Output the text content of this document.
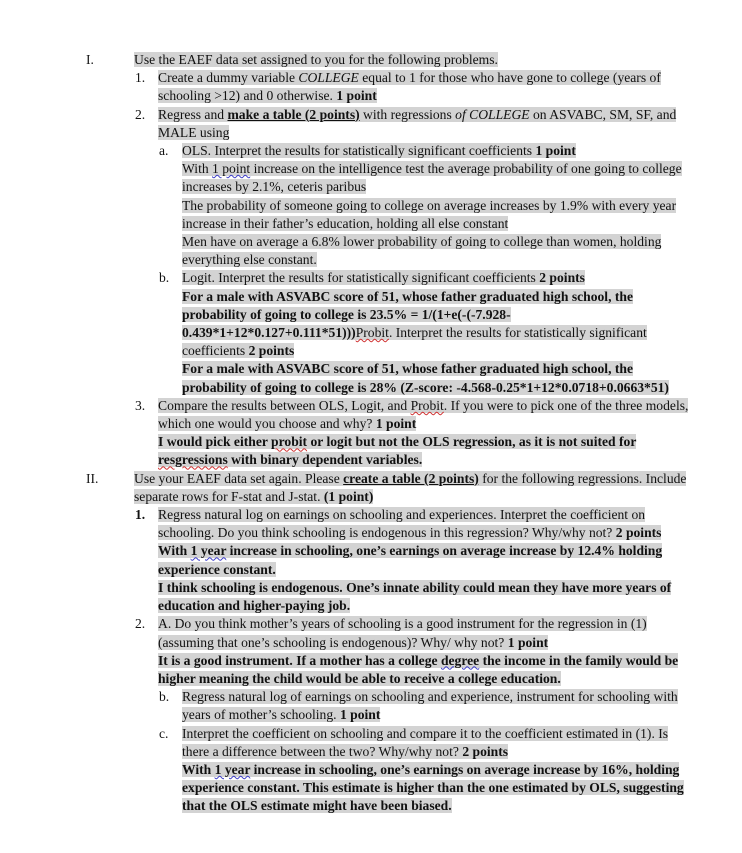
I.	Use the EAEF data set assigned to you for the following problems.

1. Create a dummy variable COLLEGE equal to 1 for those who have gone to college (years of schooling >12) and 0 otherwise. 1 point

2. Regress and make a table (2 points) with regressions of COLLEGE on ASVABC, SM, SF, and MALE using

a. OLS. Interpret the results for statistically significant coefficients 1 point

With 1 point increase on the intelligence test the average probability of one going to college increases by 2.1%, ceteris paribus

The probability of someone going to college on average increases by 1.9% with every year increase in their father’s education, holding all else constant

Men have on average a 6.8% lower probability of going to college than women, holding everything else constant.

b. Logit. Interpret the results for statistically significant coefficients 2 points

For a male with ASVABC score of 51, whose father graduated high school, the probability of going to college is 23.5% = 1/(1+e(-(-7.928-0.439*1+12*0.127+0.111*51)))Probit. Interpret the results for statistically significant coefficients 2 points

For a male with ASVABC score of 51, whose father graduated high school, the probability of going to college is 28% (Z-score: -4.568-0.25*1+12*0.0718+0.0663*51)

3. Compare the results between OLS, Logit, and Probit. If you were to pick one of the three models, which one would you choose and why? 1 point

I would pick either probit or logit but not the OLS regression, as it is not suited for resgressions with binary dependent variables.

II.	Use your EAEF data set again. Please create a table (2 points) for the following regressions. Include separate rows for F-stat and J-stat. (1 point)

1. Regress natural log on earnings on schooling and experiences. Interpret the coefficient on schooling. Do you think schooling is endogenous in this regression? Why/why not? 2 points

With 1 year increase in schooling, one’s earnings on average increase by 12.4% holding experience constant.

I think schooling is endogenous. One’s innate ability could mean they have more years of education and higher-paying job.

2. A. Do you think mother’s years of schooling is a good instrument for the regression in (1) (assuming that one’s schooling is endogenous)? Why/ why not? 1 point

It is a good instrument. If a mother has a college degree the income in the family would be higher meaning the child would be able to receive a college education.

b. Regress natural log of earnings on schooling and experience, instrument for schooling with years of mother’s schooling. 1 point

c. Interpret the coefficient on schooling and compare it to the coefficient estimated in (1). Is there a difference between the two? Why/why not? 2 points

With 1 year increase in schooling, one’s earnings on average increase by 16%, holding experience constant. This estimate is higher than the one estimated by OLS, suggesting that the OLS estimate might have been biased.
